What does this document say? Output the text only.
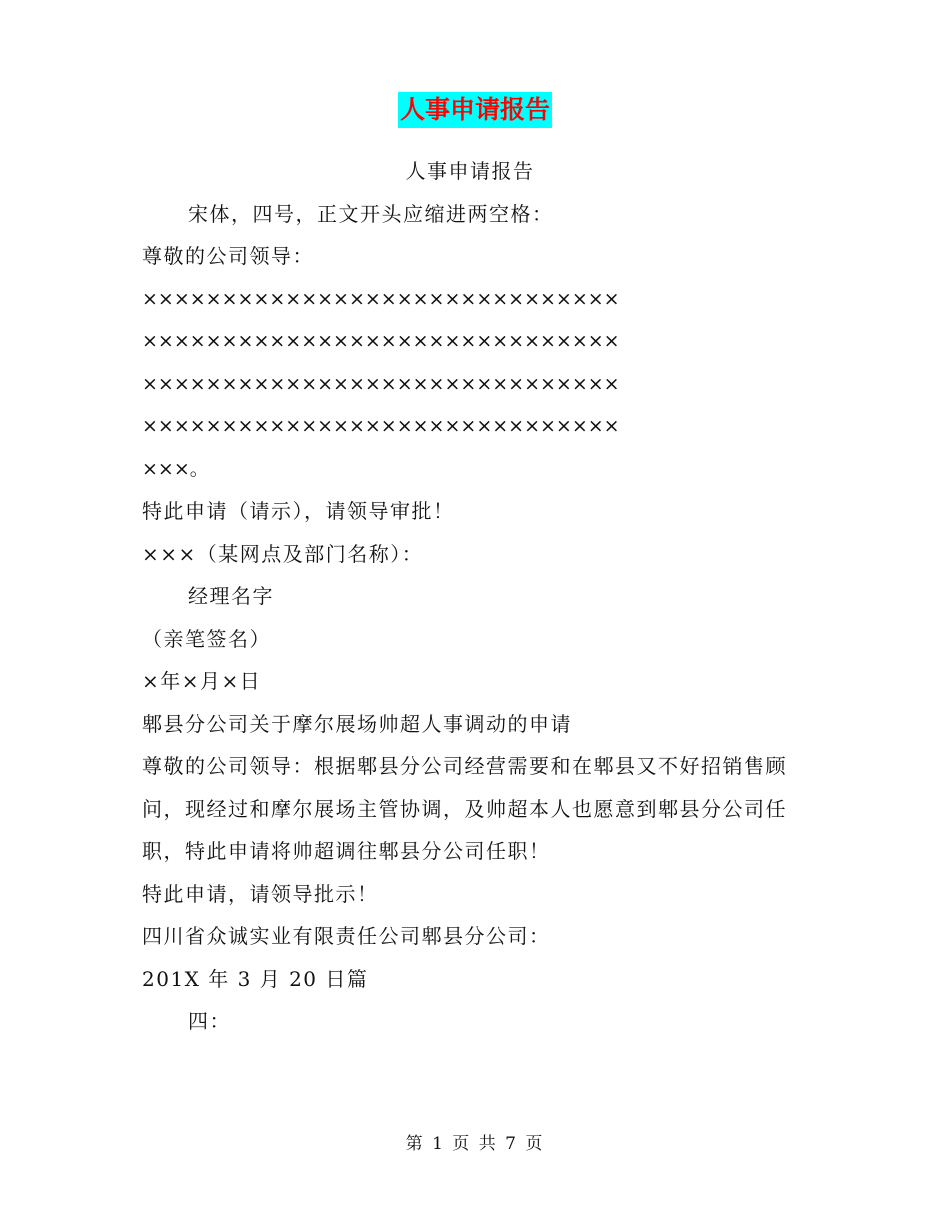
人事申请报告
人事申请报告
宋体，四号，正文开头应缩进两空格：
尊敬的公司领导：
××××××××××××××××××××××××××××××
××××××××××××××××××××××××××××××
××××××××××××××××××××××××××××××
××××××××××××××××××××××××××××××
×××。
特此申请（请示），请领导审批！
×××（某网点及部门名称）：
经理名字
（亲笔签名）
×年×月×日
郫县分公司关于摩尔展场帅超人事调动的申请
尊敬的公司领导：根据郫县分公司经营需要和在郫县又不好招销售顾
问，现经过和摩尔展场主管协调，及帅超本人也愿意到郫县分公司任
职，特此申请将帅超调往郫县分公司任职！
特此申请，请领导批示！
四川省众诚实业有限责任公司郫县分公司：
201X 年 3 月 20 日篇
四：
第 1 页 共 7 页
